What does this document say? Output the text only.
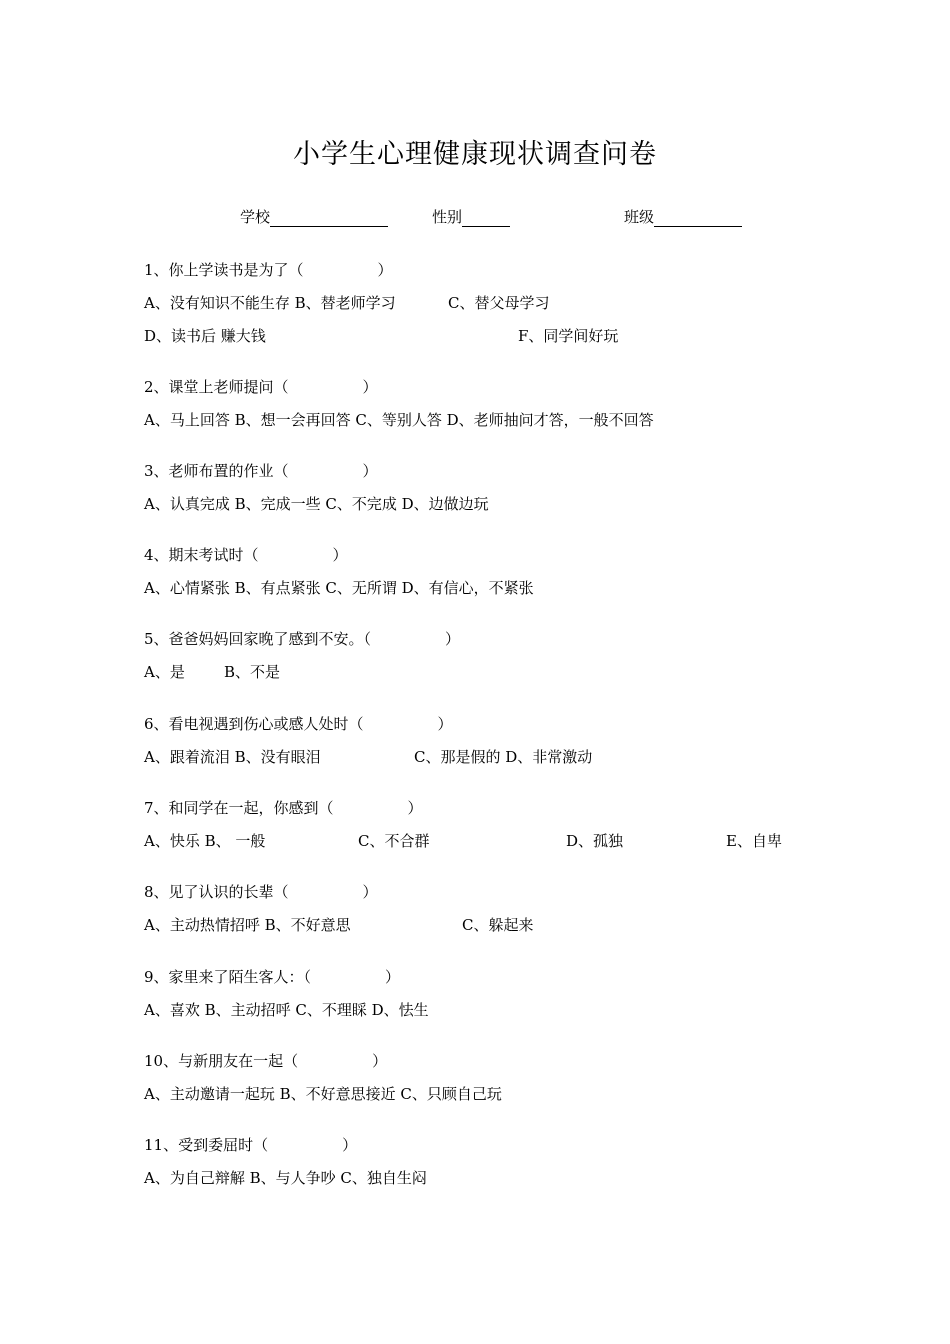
小学生心理健康现状调查问卷
学校	性别	班级
1、你上学读书是为了（	）
A、没有知识不能生存 B、替老师学习	C、替父母学习
D、读书后 赚大钱	F、同学间好玩
2、课堂上老师提问（	）
A、马上回答 B、想一会再回答 C、等别人答 D、老师抽问才答，一般不回答
3、老师布置的作业（	）
A、认真完成 B、完成一些 C、不完成 D、边做边玩
4、期末考试时（	）
A、心情紧张 B、有点紧张 C、无所谓 D、有信心，不紧张
5、爸爸妈妈回家晚了感到不安。（	）
A、是	B、不是
6、看电视遇到伤心或感人处时（	）
A、跟着流泪 B、没有眼泪	C、那是假的 D、非常激动
7、和同学在一起，你感到（	）
A、快乐 B、 一般	C、不合群	D、孤独	E、自卑
8、见了认识的长辈（	）
A、主动热情招呼 B、不好意思	C、躲起来
9、家里来了陌生客人：（	）
A、喜欢 B、主动招呼 C、不理睬 D、怯生
10、与新朋友在一起（	）
A、主动邀请一起玩 B、不好意思接近 C、只顾自己玩
11、受到委屈时（	）
A、为自己辩解 B、与人争吵 C、独自生闷
